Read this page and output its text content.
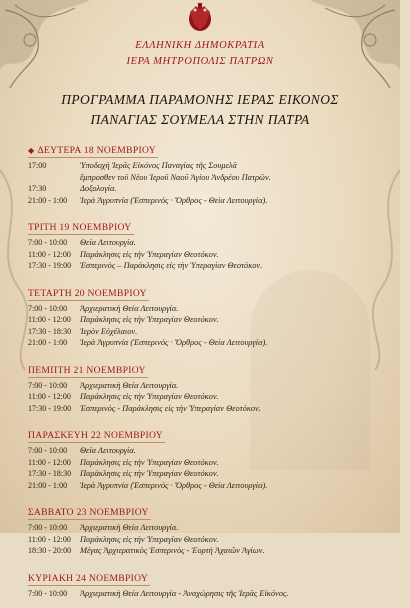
ΕΛΛΗΝΙΚΗ ΔΗΜΟΚΡΑΤΙΑ
ΙΕΡΑ ΜΗΤΡΟΠΟΛΙΣ ΠΑΤΡΩΝ
ΠΡΟΓΡΑΜΜΑ ΠΑΡΑΜΟΝΗΣ ΙΕΡΑΣ ΕΙΚΟΝΟΣ
ΠΑΝΑΓΙΑΣ ΣΟΥΜΕΛΑ ΣΤΗΝ ΠΑΤΡΑ
◆ ΔΕΥΤΕΡΑ 18 ΝΟΕΜΒΡΙΟΥ
17:00	Ὑποδοχὴ Ἱερᾶς Εἰκόνος Παναγίας τῆς Σουμελᾶ
ἔμπροσθεν τοῦ Νέου Ἱεροῦ Ναοῦ Ἁγίου Ἀνδρέου Πατρῶν.
17:30	Δοξολογία.
21:00 - 1:00	Ἱερὰ Ἀγρυπνία (Ἑσπερινός · Ὄρθρος - Θεία Λειτουργία).
ΤΡΙΤΗ 19 ΝΟΕΜΒΡΙΟΥ
7:00 - 10:00	Θεία Λειτουργία.
11:00 - 12:00	Παράκλησις εἰς τὴν Ὑπεραγίαν Θεοτόκον.
17:30 - 19:00	Ἑσπερινὸς – Παράκλησις εἰς τὴν Ὑπεραγίαν Θεοτόκον.
ΤΕΤΑΡΤΗ 20 ΝΟΕΜΒΡΙΟΥ
7:00 - 10:00	Ἀρχιερατικὴ Θεία Λειτουργία.
11:00 - 12:00	Παράκλησις εἰς τὴν Ὑπεραγίαν Θεοτόκον.
17:30 - 18:30	Ἱερὸν Εὐχέλαιον.
21:00 - 1:00	Ἱερὰ Ἀγρυπνία (Ἑσπερινός · Ὄρθρος - Θεία Λειτουργία).
ΠΕΜΠΤΗ 21 ΝΟΕΜΒΡΙΟΥ
7:00 - 10:00	Ἀρχιερατικὴ Θεία Λειτουργία.
11:00 - 12:00	Παράκλησις εἰς τὴν Ὑπεραγίαν Θεοτόκον.
17:30 - 19:00	Ἑσπερινὸς - Παράκλησις εἰς τὴν Ὑπεραγίαν Θεοτόκον.
ΠΑΡΑΣΚΕΥΗ 22 ΝΟΕΜΒΡΙΟΥ
7:00 - 10:00	Θεία Λειτουργία.
11:00 - 12:00	Παράκλησις εἰς τὴν Ὑπεραγίαν Θεοτόκον.
17:30 - 18:30	Παράκλησις εἰς τὴν Ὑπεραγίαν Θεοτόκον.
21:00 - 1:00	Ἱερὰ Ἀγρυπνία (Ἑσπερινός · Ὄρθρος - Θεία Λειτουργία).
ΣΑΒΒΑΤΟ 23 ΝΟΕΜΒΡΙΟΥ
7:00 - 10:00	Ἀρχιερατικὴ Θεία Λειτουργία.
11:00 - 12:00	Παράκλησις εἰς τὴν Ὑπεραγίαν Θεοτόκον.
18:30 - 20:00	Μέγας Ἀρχιερατικὸς Ἑσπερινὸς - Ἑορτὴ Ἀχαιῶν Ἁγίων.
ΚΥΡΙΑΚΗ 24 ΝΟΕΜΒΡΙΟΥ
7:00 - 10:00	Ἀρχιερατικὴ Θεία Λειτουργία - Ἀναχώρησις τῆς Ἱερᾶς Εἰκόνος.
